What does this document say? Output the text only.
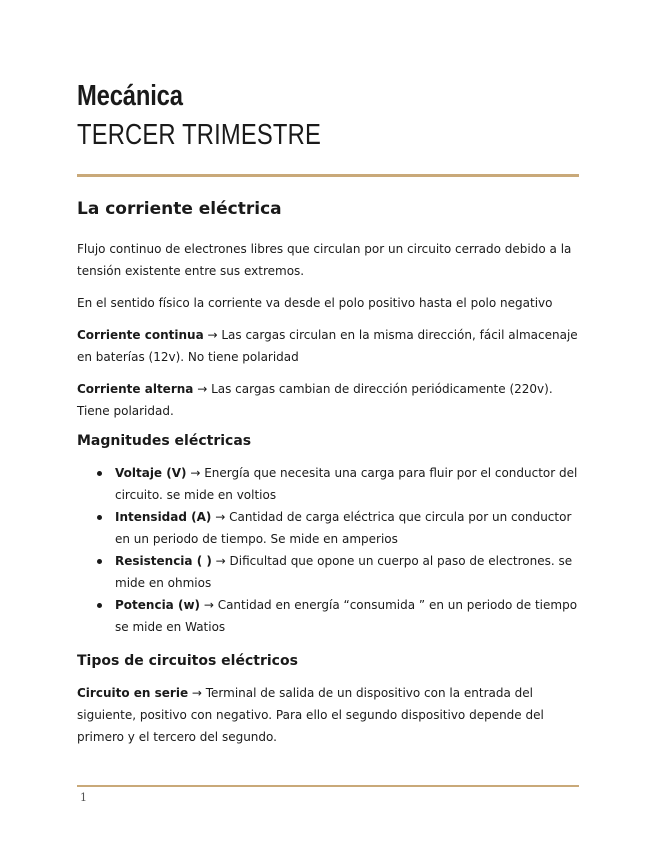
Mecánica
TERCER TRIMESTRE
La corriente eléctrica

Flujo continuo de electrones libres que circulan por un circuito cerrado debido a la tensión existente entre sus extremos.

En el sentido físico la corriente va desde el polo positivo hasta el polo negativo

Corriente continua → Las cargas circulan en la misma dirección, fácil almacenaje en baterías (12v). No tiene polaridad

Corriente alterna → Las cargas cambian de dirección periódicamente (220v). Tiene polaridad.

Magnitudes eléctricas
Voltaje (V) → Energía que necesita una carga para fluir por el conductor del circuito. se mide en voltios
Intensidad (A) → Cantidad de carga eléctrica que circula por un conductor en un periodo de tiempo. Se mide en amperios
Resistencia ( ) → Dificultad que opone un cuerpo al paso de electrones. se mide en ohmios
Potencia (w) → Cantidad en energía “consumida ” en un periodo de tiempo se mide en Watios
Tipos de circuitos eléctricos

Circuito en serie → Terminal de salida de un dispositivo con la entrada del siguiente, positivo con negativo. Para ello el segundo dispositivo depende del primero y el tercero del segundo.

1
